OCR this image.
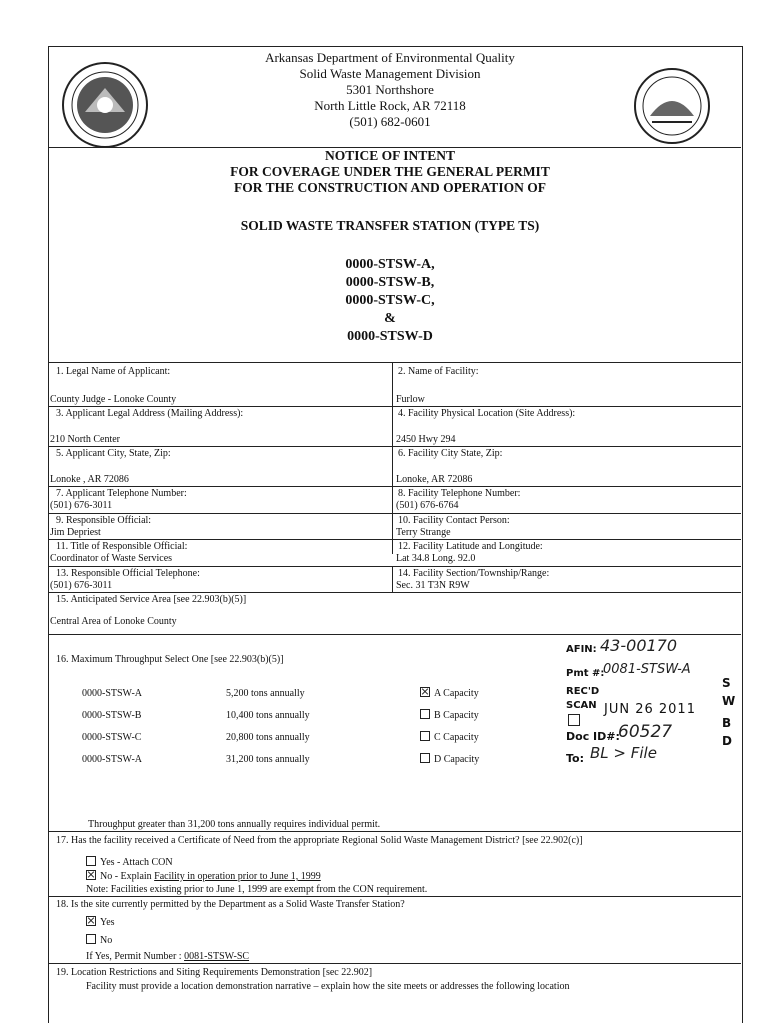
Arkansas Department of Environmental Quality
Solid Waste Management Division
5301 Northshore
North Little Rock, AR 72118
(501) 682-0601
NOTICE OF INTENT
FOR COVERAGE UNDER THE GENERAL PERMIT
FOR THE CONSTRUCTION AND OPERATION OF
SOLID WASTE TRANSFER STATION (TYPE TS)
0000-STSW-A,
0000-STSW-B,
0000-STSW-C,
&
0000-STSW-D
1. Legal Name of Applicant:
County Judge - Lonoke County
2. Name of Facility:
Furlow
3. Applicant Legal Address (Mailing Address):
210 North Center
4. Facility Physical Location (Site Address):
2450 Hwy 294
5. Applicant City, State, Zip:
Lonoke , AR 72086
6. Facility City State, Zip:
Lonoke, AR 72086
7. Applicant Telephone Number:
(501) 676-3011
8. Facility Telephone Number:
(501) 676-6764
9. Responsible Official:
Jim Depriest
10. Facility Contact Person:
Terry Strange
11. Title of Responsible Official:
Coordinator of Waste Services
12. Facility Latitude and Longitude:
Lat 34.8 Long. 92.0
13. Responsible Official Telephone:
(501) 676-3011
14. Facility Section/Township/Range:
Sec. 31 T3N R9W
15. Anticipated Service Area [see 22.903(b)(5)]
Central Area of Lonoke County
16. Maximum Throughput Select One [see 22.903(b)(5)]
0000-STSW-A	5,200 tons annually	A Capacity
0000-STSW-B	10,400 tons annually	B Capacity
0000-STSW-C	20,800 tons annually	C Capacity
0000-STSW-A	31,200 tons annually	D Capacity
Throughput greater than 31,200 tons annually requires individual permit.
AFIN: 43-00170
Pmt #:
0081-STSW-A
REC'D
SCAN JUN 26 2011
Doc ID#:
60527
To: BL > File
S
W
B
D
17. Has the facility received a Certificate of Need from the appropriate Regional Solid Waste Management District? [see 22.902(c)]
Yes - Attach CON
No - Explain Facility in operation prior to June 1, 1999
Note: Facilities existing prior to June 1, 1999 are exempt from the CON requirement.
18. Is the site currently permitted by the Department as a Solid Waste Transfer Station?
Yes
No
If Yes, Permit Number : 0081-STSW-SC
19. Location Restrictions and Siting Requirements Demonstration [sec 22.902]
Facility must provide a location demonstration narrative – explain how the site meets or addresses the following location
